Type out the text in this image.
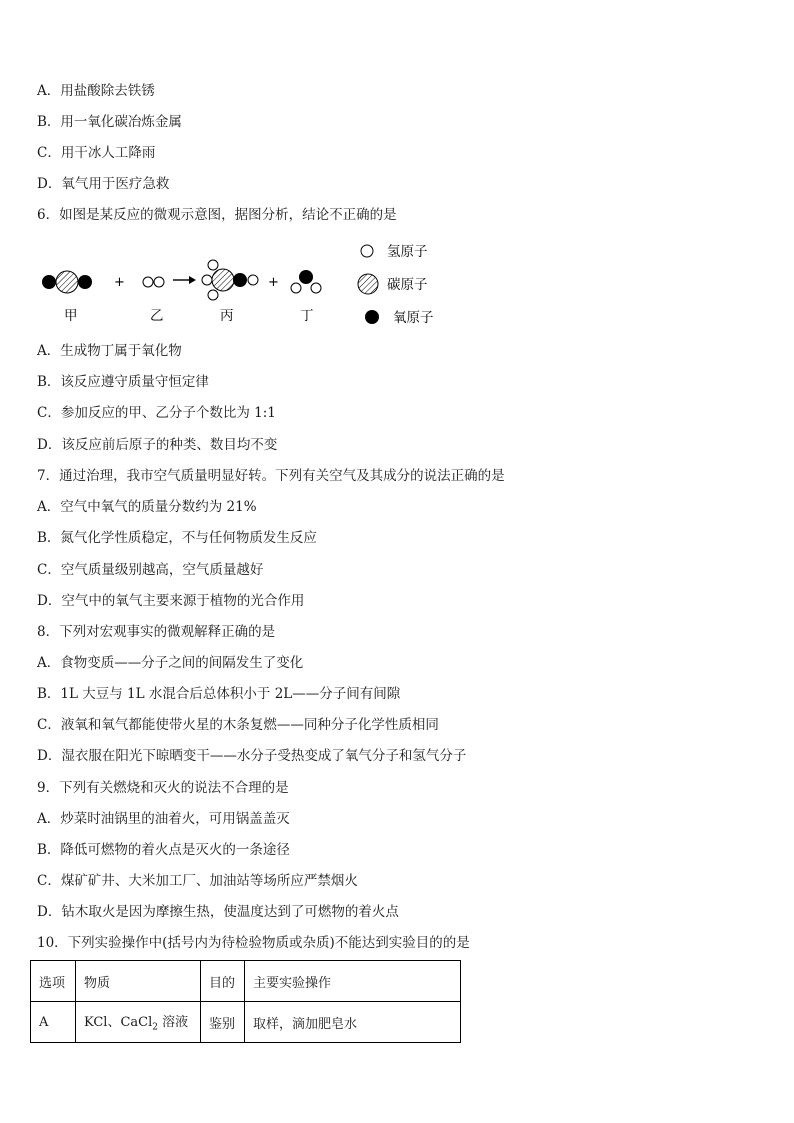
A．用盐酸除去铁锈
B．用一氧化碳冶炼金属
C．用干冰人工降雨
D．氧气用于医疗急救
6．如图是某反应的微观示意图，据图分析，结论不正确的是
+	+
甲	乙	丙	丁
氢原子
碳原子
氧原子
A．生成物丁属于氧化物
B．该反应遵守质量守恒定律
C．参加反应的甲、乙分子个数比为 1:1
D．该反应前后原子的种类、数目均不变
7．通过治理，我市空气质量明显好转。下列有关空气及其成分的说法正确的是
A．空气中氧气的质量分数约为 21%
B．氮气化学性质稳定，不与任何物质发生反应
C．空气质量级别越高，空气质量越好
D．空气中的氧气主要来源于植物的光合作用
8．下列对宏观事实的微观解释正确的是
A．食物变质——分子之间的间隔发生了变化
B．1L 大豆与 1L 水混合后总体积小于 2L——分子间有间隙
C．液氧和氧气都能使带火星的木条复燃——同种分子化学性质相同
D．湿衣服在阳光下晾晒变干——水分子受热变成了氧气分子和氢气分子
9．下列有关燃烧和灭火的说法不合理的是
A．炒菜时油锅里的油着火，可用锅盖盖灭
B．降低可燃物的着火点是灭火的一条途径
C．煤矿矿井、大米加工厂、加油站等场所应严禁烟火
D．钻木取火是因为摩擦生热，使温度达到了可燃物的着火点
10．下列实验操作中(括号内为待检验物质或杂质)不能达到实验目的的是
选项	物质	目的	主要实验操作
A	KCl、CaCl$_2$ 溶液	鉴别	取样，滴加肥皂水
